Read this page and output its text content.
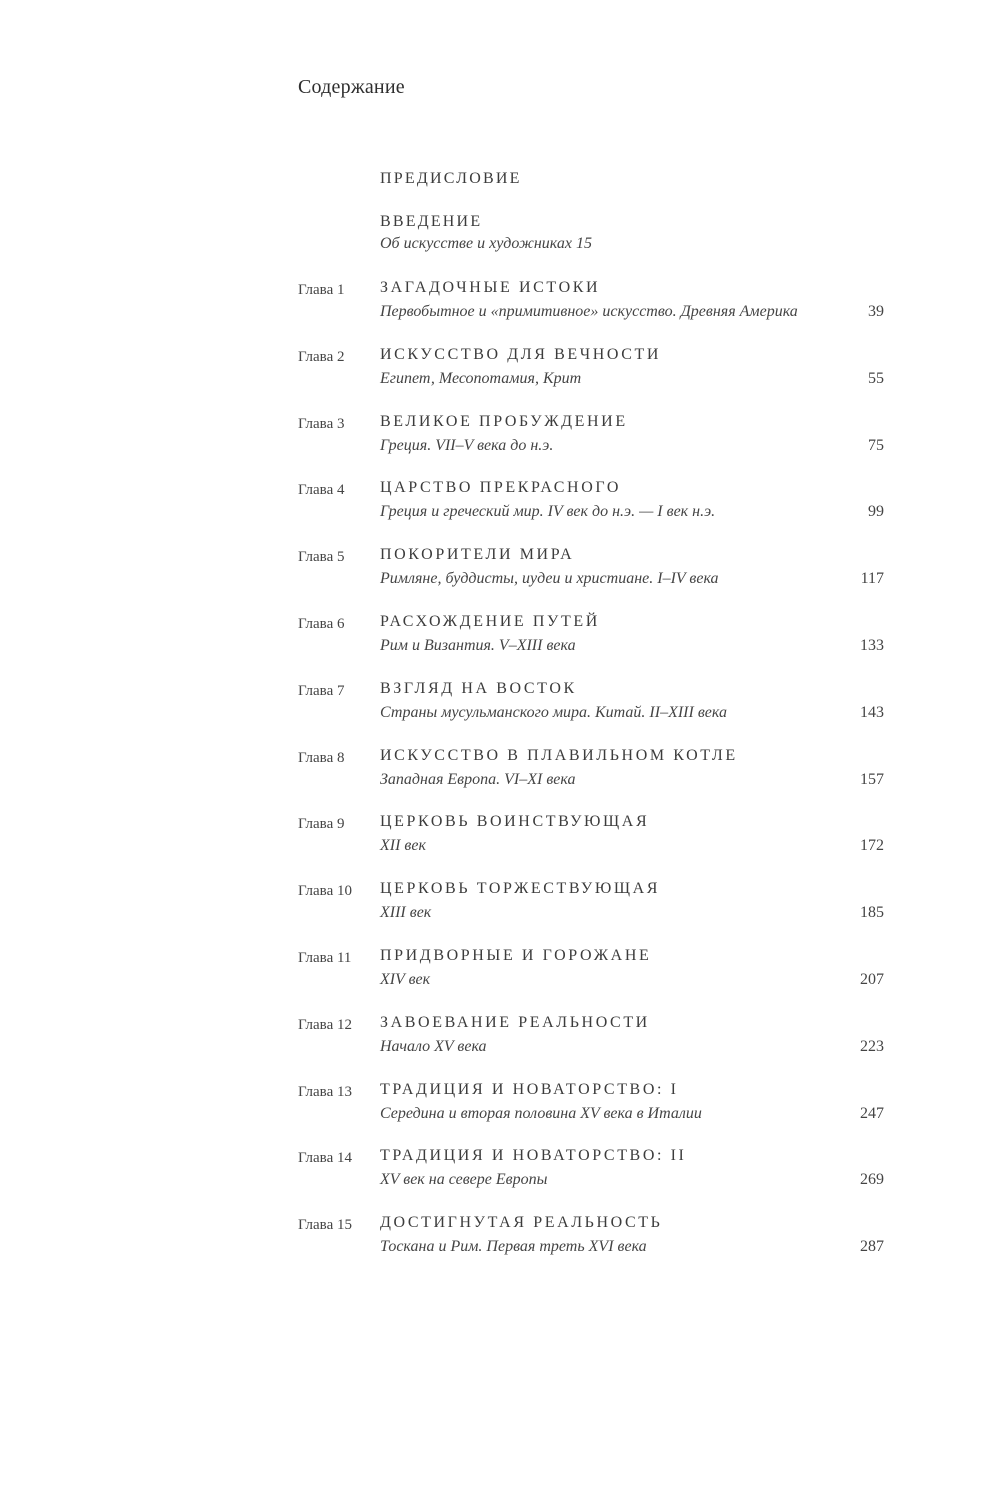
Содержание
ПРЕДИСЛОВИЕ
ВВЕДЕНИЕ
Об искусстве и художниках 15
Глава 1 ЗАГАДОЧНЫЕ ИСТОКИ
Первобытное и «примитивное» искусство. Древняя Америка	39
Глава 2 ИСКУССТВО ДЛЯ ВЕЧНОСТИ
Египет, Месопотамия, Крит	55
Глава 3 ВЕЛИКОЕ ПРОБУЖДЕНИЕ
Греция. VII–V века до н.э.	75
Глава 4 ЦАРСТВО ПРЕКРАСНОГО
Греция и греческий мир. IV век до н.э. — I век н.э.	99
Глава 5 ПОКОРИТЕЛИ МИРА
Римляне, буддисты, иудеи и христиане. I–IV века	117
Глава 6 РАСХОЖДЕНИЕ ПУТЕЙ
Рим и Византия. V–XIII века	133
Глава 7 ВЗГЛЯД НА ВОСТОК
Страны мусульманского мира. Китай. II–XIII века	143
Глава 8 ИСКУССТВО В ПЛАВИЛЬНОМ КОТЛЕ
Западная Европа. VI–XI века	157
Глава 9 ЦЕРКОВЬ ВОИНСТВУЮЩАЯ
XII век	172
Глава 10 ЦЕРКОВЬ ТОРЖЕСТВУЮЩАЯ
XIII век	185
Глава 11 ПРИДВОРНЫЕ И ГОРОЖАНЕ
XIV век	207
Глава 12 ЗАВОЕВАНИЕ РЕАЛЬНОСТИ
Начало XV века	223
Глава 13 ТРАДИЦИЯ И НОВАТОРСТВО: I
Середина и вторая половина XV века в Италии	247
Глава 14 ТРАДИЦИЯ И НОВАТОРСТВО: II
XV век на севере Европы	269
Глава 15 ДОСТИГНУТАЯ РЕАЛЬНОСТЬ
Тоскана и Рим. Первая треть XVI века	287
